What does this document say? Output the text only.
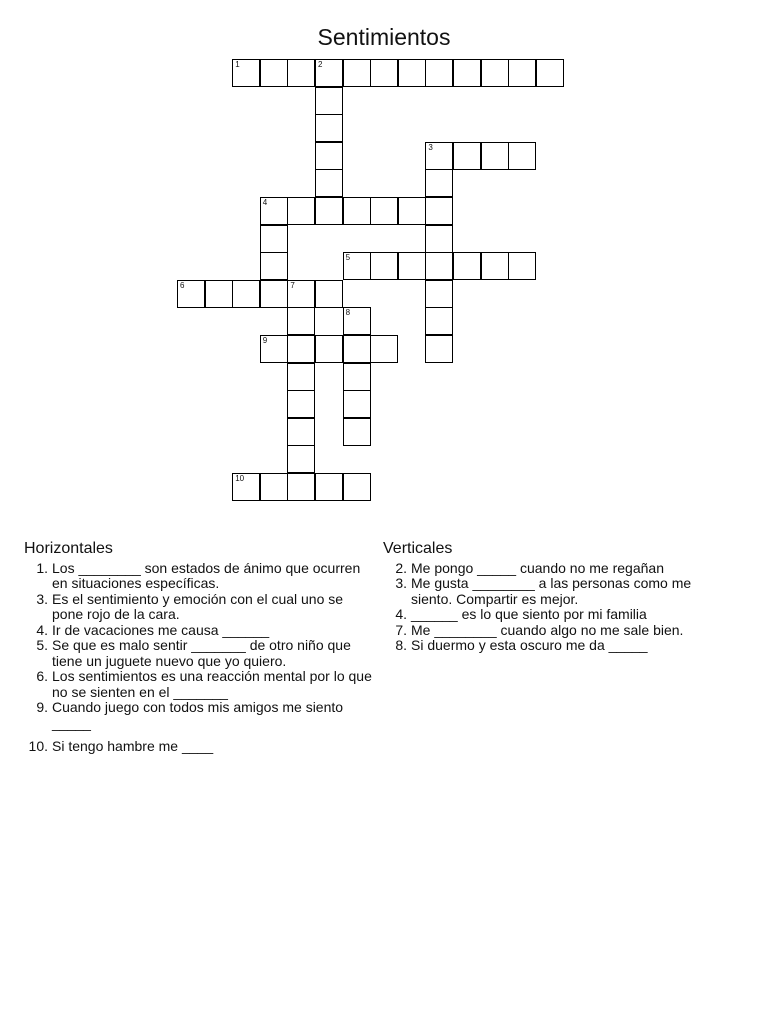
Sentimientos
1	2
3
4
5
6	7
8
9
10
Horizontales
1. Los ________ son estados de ánimo que ocurren en situaciones específicas.
3. Es el sentimiento y emoción con el cual uno se pone rojo de la cara.
4. Ir de vacaciones me causa ______
5. Se que es malo sentir _______ de otro niño que tiene un juguete nuevo que yo quiero.
6. Los sentimientos es una reacción mental por lo que no se sienten en el _______
9. Cuando juego con todos mis amigos me siento _____
10. Si tengo hambre me ____
Verticales
2. Me pongo _____ cuando no me regañan
3. Me gusta ________ a las personas como me siento. Compartir es mejor.
4. ______ es lo que siento por mi familia
7. Me ________ cuando algo no me sale bien.
8. Si duermo y esta oscuro me da _____
